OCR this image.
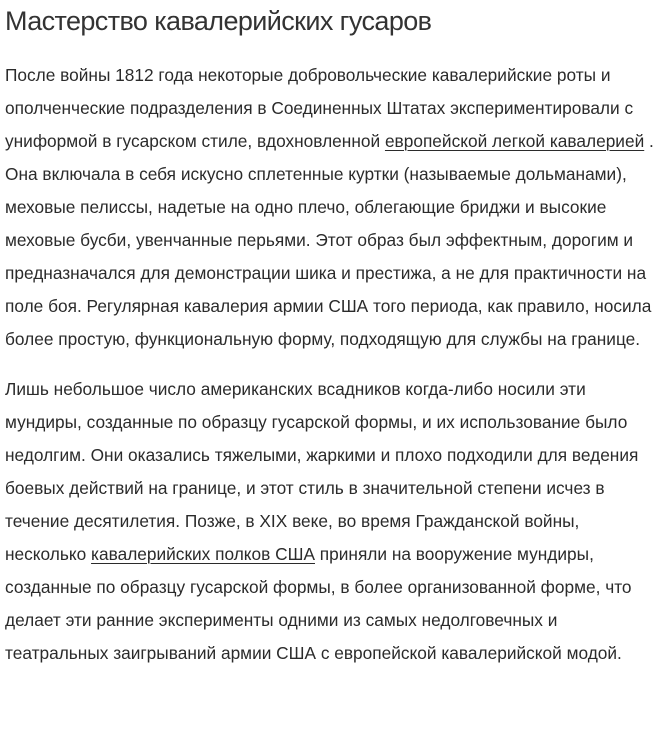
Мастерство кавалерийских гусаров

После войны 1812 года некоторые добровольческие кавалерийские роты и ополченческие подразделения в Соединенных Штатах экспериментировали с униформой в гусарском стиле, вдохновленной европейской легкой кавалерией . Она включала в себя искусно сплетенные куртки (называемые дольманами), меховые пелиссы, надетые на одно плечо, облегающие бриджи и высокие меховые бусби, увенчанные перьями. Этот образ был эффектным, дорогим и предназначался для демонстрации шика и престижа, а не для практичности на поле боя. Регулярная кавалерия армии США того периода, как правило, носила более простую, функциональную форму, подходящую для службы на границе.

Лишь небольшое число американских всадников когда-либо носили эти мундиры, созданные по образцу гусарской формы, и их использование было недолгим. Они оказались тяжелыми, жаркими и плохо подходили для ведения боевых действий на границе, и этот стиль в значительной степени исчез в течение десятилетия. Позже, в XIX веке, во время Гражданской войны, несколько кавалерийских полков США приняли на вооружение мундиры, созданные по образцу гусарской формы, в более организованной форме, что делает эти ранние эксперименты одними из самых недолговечных и театральных заигрываний армии США с европейской кавалерийской модой.
